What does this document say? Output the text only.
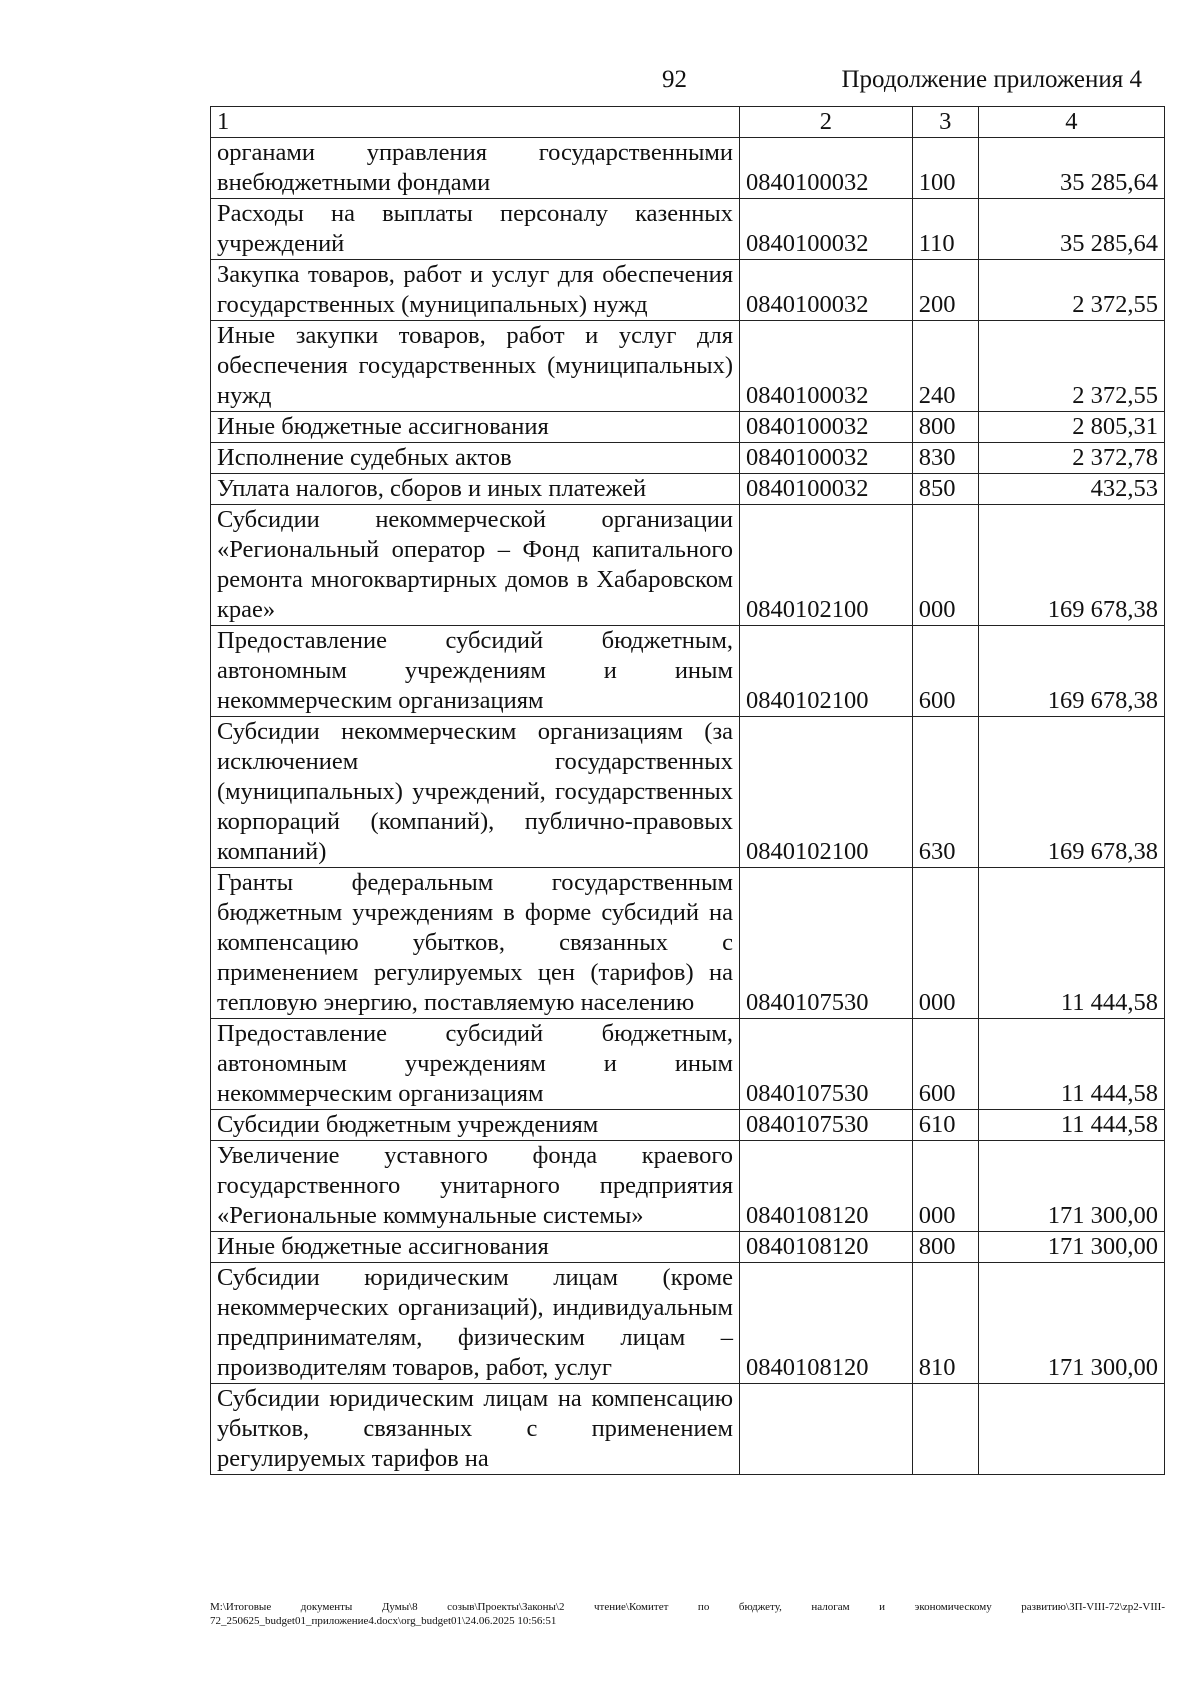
92	Продолжение приложения 4
1	2	3	4
органами управления государственными внебюджетными фондами	0840100032	100	35 285,64
Расходы на выплаты персоналу казенных учреждений	0840100032	110	35 285,64
Закупка товаров, работ и услуг для обеспечения государственных (муниципальных) нужд	0840100032	200	2 372,55
Иные закупки товаров, работ и услуг для обеспечения государственных (муниципальных) нужд	0840100032	240	2 372,55
Иные бюджетные ассигнования	0840100032	800	2 805,31
Исполнение судебных актов	0840100032	830	2 372,78
Уплата налогов, сборов и иных платежей	0840100032	850	432,53
Субсидии некоммерческой организации «Региональный оператор – Фонд капитального ремонта многоквартирных домов в Хабаровском крае»	0840102100	000	169 678,38
Предоставление субсидий бюджетным, автономным учреждениям и иным некоммерческим организациям	0840102100	600	169 678,38
Субсидии некоммерческим организациям (за исключением государственных (муниципальных) учреждений, государственных корпораций (компаний), публично-правовых компаний)	0840102100	630	169 678,38
Гранты федеральным государственным бюджетным учреждениям в форме субсидий на компенсацию убытков, связанных с применением регулируемых цен (тарифов) на тепловую энергию, поставляемую населению	0840107530	000	11 444,58
Предоставление субсидий бюджетным, автономным учреждениям и иным некоммерческим организациям	0840107530	600	11 444,58
Субсидии бюджетным учреждениям	0840107530	610	11 444,58
Увеличение уставного фонда краевого государственного унитарного предприятия «Региональные коммунальные системы»	0840108120	000	171 300,00
Иные бюджетные ассигнования	0840108120	800	171 300,00
Субсидии юридическим лицам (кроме некоммерческих организаций), индивидуальным предпринимателям, физическим лицам – производителям товаров, работ, услуг	0840108120	810	171 300,00
Субсидии юридическим лицам на компенсацию убытков, связанных с применением регулируемых тарифов на			
M:\Итоговые документы Думы\8 созыв\Проекты\Законы\2 чтение\Комитет по бюджету, налогам и экономическому развитию\ЗП-VIII-72\zp2-VIII-72_250625_budget01_приложение4.docx\org_budget01\24.06.2025 10:56:51
